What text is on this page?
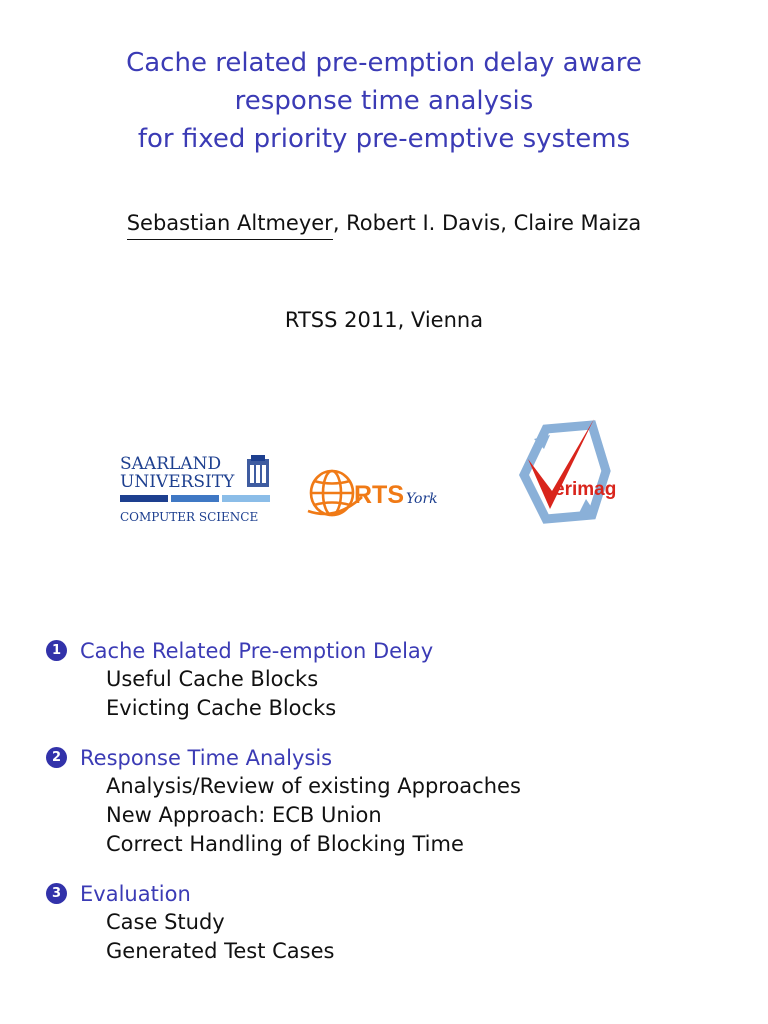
Cache related pre-emption delay aware
response time analysis
for fixed priority pre-emptive systems
Sebastian Altmeyer, Robert I. Davis, Claire Maiza
RTSS 2011, Vienna
SAARLAND
UNIVERSITY
COMPUTER SCIENCE
RTS York	erimag
1 Cache Related Pre-emption Delay
Useful Cache Blocks
Evicting Cache Blocks
2 Response Time Analysis
Analysis/Review of existing Approaches
New Approach: ECB Union
Correct Handling of Blocking Time
3 Evaluation
Case Study
Generated Test Cases
